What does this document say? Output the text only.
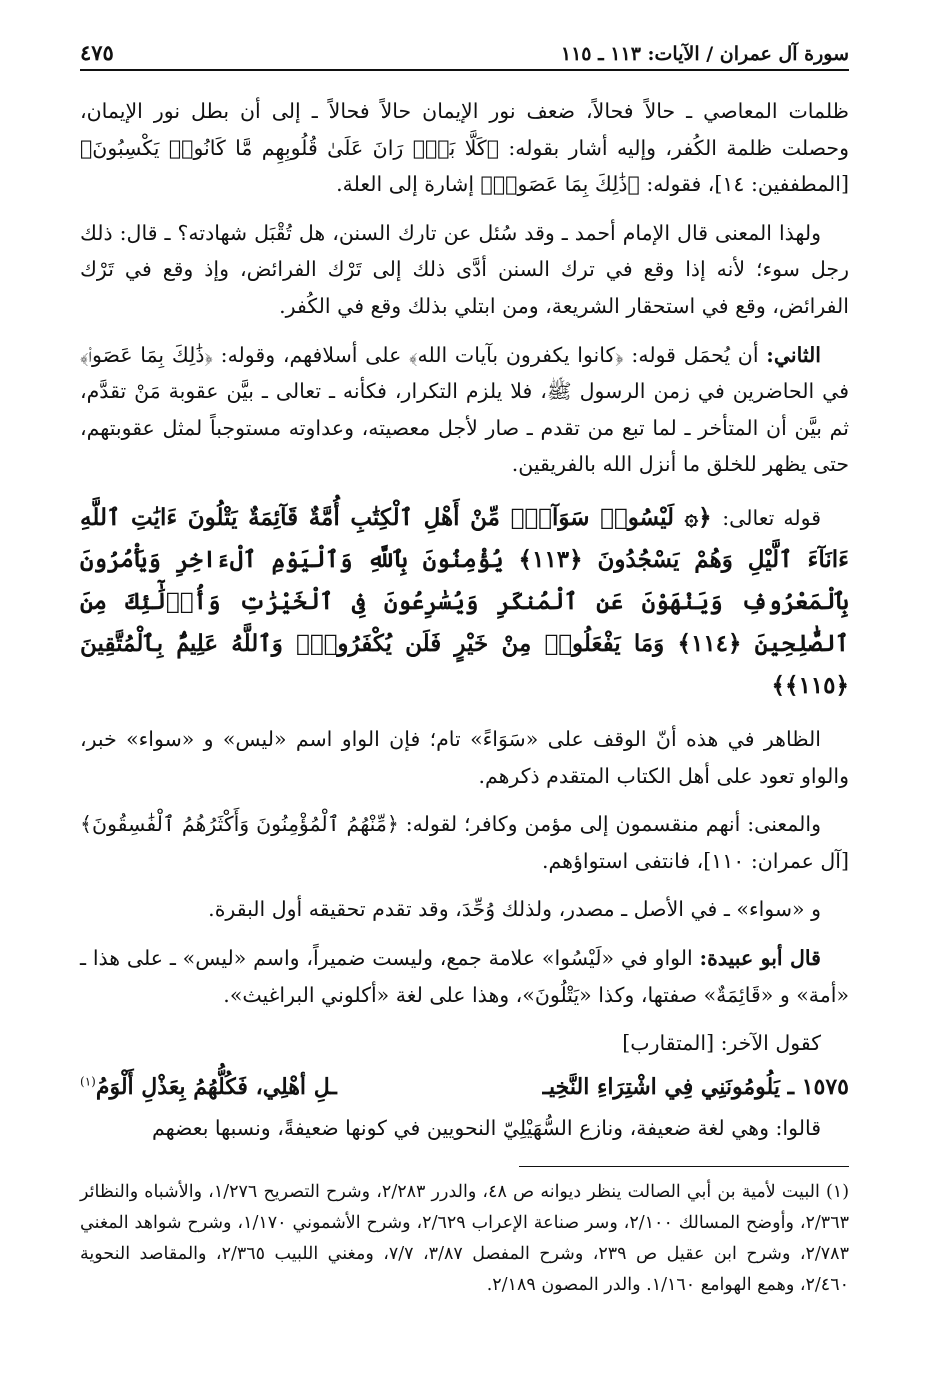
سورة آل عمران / الآيات: ١١٣ ـ ١١٥
٤٧٥

ظلمات المعاصي ـ حالاً فحالاً، ضعف نور الإيمان حالاً فحالاً ـ إلى أن بطل نور الإيمان، وحصلت ظلمة الكُفر، وإليه أشار بقوله: ﴿كَلَّا بَلْۜ رَانَ عَلَىٰ قُلُوبِهِم مَّا كَانُوا۟ يَكْسِبُونَ﴾ [المطففين: ١٤]، فقوله: ﴿ذَٰلِكَ بِمَا عَصَوا۟﴾ إشارة إلى العلة.

ولهذا المعنى قال الإمام أحمد ـ وقد سُئل عن تارك السنن، هل تُقْبَل شهادته؟ ـ قال: ذلك رجل سوء؛ لأنه إذا وقع في ترك السنن أدَّى ذلك إلى تَرْك الفرائض، وإذ وقع في تَرْك الفرائض، وقع في استحقار الشريعة، ومن ابتلي بذلك وقع في الكُفر.

الثاني: أن يُحمَل قوله: ﴿كانوا يكفرون بآيات الله﴾ على أسلافهم، وقوله: ﴿ذَٰلِكَ بِمَا عَصَوا۟﴾ في الحاضرين في زمن الرسول ﷺ، فلا يلزم التكرار، فكأنه ـ تعالى ـ بيَّن عقوبة مَنْ تقدَّم، ثم بيَّن أن المتأخر ـ لما تبع من تقدم ـ صار لأجل معصيته، وعداوته مستوجباً لمثل عقوبتهم، حتى يظهر للخلق ما أنزل الله بالفريقين.

قوله تعالى: ﴿۞ لَيْسُوا۟ سَوَآءًۗ مِّنْ أَهْلِ ٱلْكِتَٰبِ أُمَّةٌ قَآئِمَةٌ يَتْلُونَ ءَايَٰتِ ٱللَّهِ ءَانَآءَ ٱلَّيْلِ وَهُمْ يَسْجُدُونَ ﴿١١٣﴾ يُؤْمِنُونَ بِٱللَّهِ وَٱلْيَوْمِ ٱلْءَاخِرِ وَيَأْمُرُونَ بِٱلْمَعْرُوفِ وَيَنْهَوْنَ عَنِ ٱلْمُنكَرِ وَيُسَٰرِعُونَ فِى ٱلْخَيْرَٰتِ وَأُو۟لَٰٓئِكَ مِنَ ٱلصَّٰلِحِينَ ﴿١١٤﴾ وَمَا يَفْعَلُوا۟ مِنْ خَيْرٍ فَلَن يُكْفَرُوهُۗ وَٱللَّهُ عَلِيمٌۢ بِٱلْمُتَّقِينَ ﴿١١٥﴾﴾

الظاهر في هذه أنّ الوقف على «سَوَاءً» تام؛ فإن الواو اسم «ليس» و «سواء» خبر، والواو تعود على أهل الكتاب المتقدم ذكرهم.

والمعنى: أنهم منقسمون إلى مؤمن وكافر؛ لقوله: ﴿مِّنْهُمُ ٱلْمُؤْمِنُونَ وَأَكْثَرُهُمُ ٱلْفَٰسِقُونَ﴾ [آل عمران: ١١٠]، فانتفى استواؤهم.

و «سواء» ـ في الأصل ـ مصدر، ولذلك وُحِّدَ، وقد تقدم تحقيقه أول البقرة.

قال أبو عبيدة: الواو في «لَيْسُوا» علامة جمع، وليست ضميراً، واسم «ليس» ـ على هذا ـ «أمة» و «قَائِمَةٌ» صفتها، وكذا «يَتْلُونَ»، وهذا على لغة «أكلوني البراغيث».

كقول الآخر: [المتقارب]

١٥٧٥ ـ يَلُومُونَنِي فِي اشْتِرَاءِ النَّخِيـ
ـلِ أهْلِي، فَكُلُّهُمُ بِعَذْلِ أَلْوَمُ$^{(١)}$

قالوا: وهي لغة ضعيفة، ونازع السُّهَيْلِيّ النحويين في كونها ضعيفةً، ونسبها بعضهم

(١) البيت لأمية بن أبي الصالت ينظر ديوانه ص ٤٨، والدرر ٢/٢٨٣، وشرح التصريح ١/٢٧٦، والأشباه والنظائر ٢/٣٦٣، وأوضح المسالك ٢/١٠٠، وسر صناعة الإعراب ٢/٦٢٩، وشرح الأشموني ١/١٧٠، وشرح شواهد المغني ٢/٧٨٣، وشرح ابن عقيل ص ٢٣٩، وشرح المفصل ٣/٨٧، ٧/٧، ومغني اللبيب ٢/٣٦٥، والمقاصد النحوية ٢/٤٦٠، وهمع الهوامع ١/١٦٠. والدر المصون ٢/١٨٩.
